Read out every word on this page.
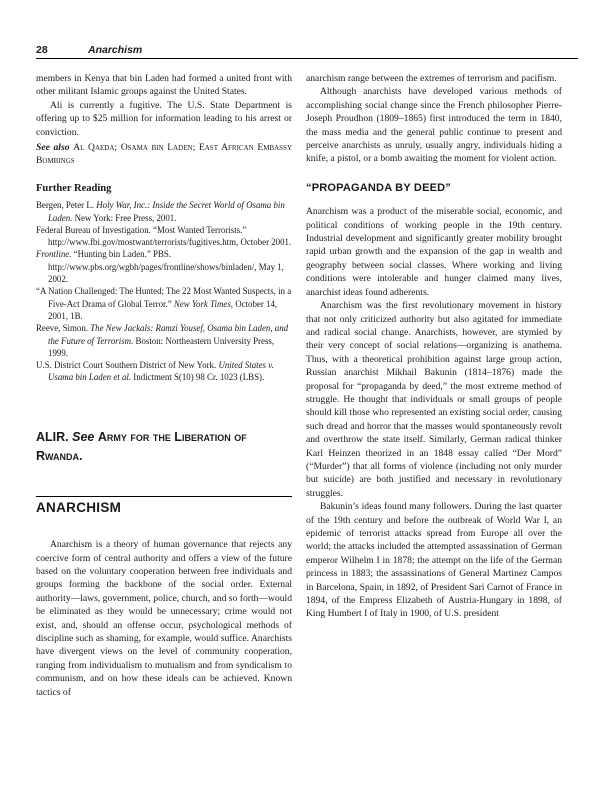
28	Anarchism

members in Kenya that bin Laden had formed a united front with other militant Islamic groups against the United States.

Ali is currently a fugitive. The U.S. State Department is offering up to $25 million for information leading to his arrest or conviction.

See also Al Qaeda; Osama bin Laden; East African Embassy Bombings

Further Reading
Bergen, Peter L. Holy War, Inc.: Inside the Secret World of Osama bin Laden. New York: Free Press, 2001.
Federal Bureau of Investigation. “Most Wanted Terrorists.” http://www.fbi.gov/mostwant/terrorists/fugitives.htm, October 2001.
Frontline. “Hunting bin Laden.” PBS. http://www.pbs.org/wgbh/pages/frontline/shows/binladen/, May 1, 2002.
“A Nation Challenged: The Hunted; The 22 Most Wanted Suspects, in a Five-Act Drama of Global Terror.” New York Times, October 14, 2001, 1B.
Reeve, Simon. The New Jackals: Ramzi Yousef, Osama bin Laden, and the Future of Terrorism. Boston: Northeastern University Press, 1999.
U.S. District Court Southern District of New York. United States v. Usama bin Laden et al. Indictment S(10) 98 Cr. 1023 (LBS).
ALIR. See Army for the Liberation of Rwanda.
ANARCHISM

Anarchism is a theory of human governance that rejects any coercive form of central authority and offers a view of the future based on the voluntary cooperation between free individuals and groups forming the backbone of the social order. External authority—laws, government, police, church, and so forth—would be eliminated as they would be unnecessary; crime would not exist, and, should an offense occur, psychological methods of discipline such as shaming, for example, would suffice. Anarchists have divergent views on the level of community cooperation, ranging from individualism to mutualism and from syndicalism to communism, and on how these ideals can be achieved. Known tactics of

anarchism range between the extremes of terrorism and pacifism.

Although anarchists have developed various methods of accomplishing social change since the French philosopher Pierre-Joseph Proudhon (1809–1865) first introduced the term in 1840, the mass media and the general public continue to present and perceive anarchists as unruly, usually angry, individuals hiding a knife, a pistol, or a bomb awaiting the moment for violent action.

“PROPAGANDA BY DEED”

Anarchism was a product of the miserable social, economic, and political conditions of working people in the 19th century. Industrial development and significantly greater mobility brought rapid urban growth and the expansion of the gap in wealth and geography between social classes. Where working and living conditions were intolerable and hunger claimed many lives, anarchist ideas found adherents.

Anarchism was the first revolutionary movement in history that not only criticized authority but also agitated for immediate and radical social change. Anarchists, however, are stymied by their very concept of social relations—organizing is anathema. Thus, with a theoretical prohibition against large group action, Russian anarchist Mikhail Bakunin (1814–1876) made the proposal for “propaganda by deed,” the most extreme method of struggle. He thought that individuals or small groups of people should kill those who represented an existing social order, causing such dread and horror that the masses would spontaneously revolt and overthrow the state itself. Similarly, German radical thinker Karl Heinzen theorized in an 1848 essay called “Der Mord” (“Murder”) that all forms of violence (including not only murder but suicide) are both justified and necessary in revolutionary struggles.

Bakunin’s ideas found many followers. During the last quarter of the 19th century and before the outbreak of World War I, an epidemic of terrorist attacks spread from Europe all over the world; the attacks included the attempted assassination of German emperor Wilhelm I in 1878; the attempt on the life of the German princess in 1883; the assassinations of General Martinez Campos in Barcelona, Spain, in 1892, of President Sari Carnot of France in 1894, of the Empress Elizabeth of Austria-Hungary in 1898, of King Humbert I of Italy in 1900, of U.S. president
